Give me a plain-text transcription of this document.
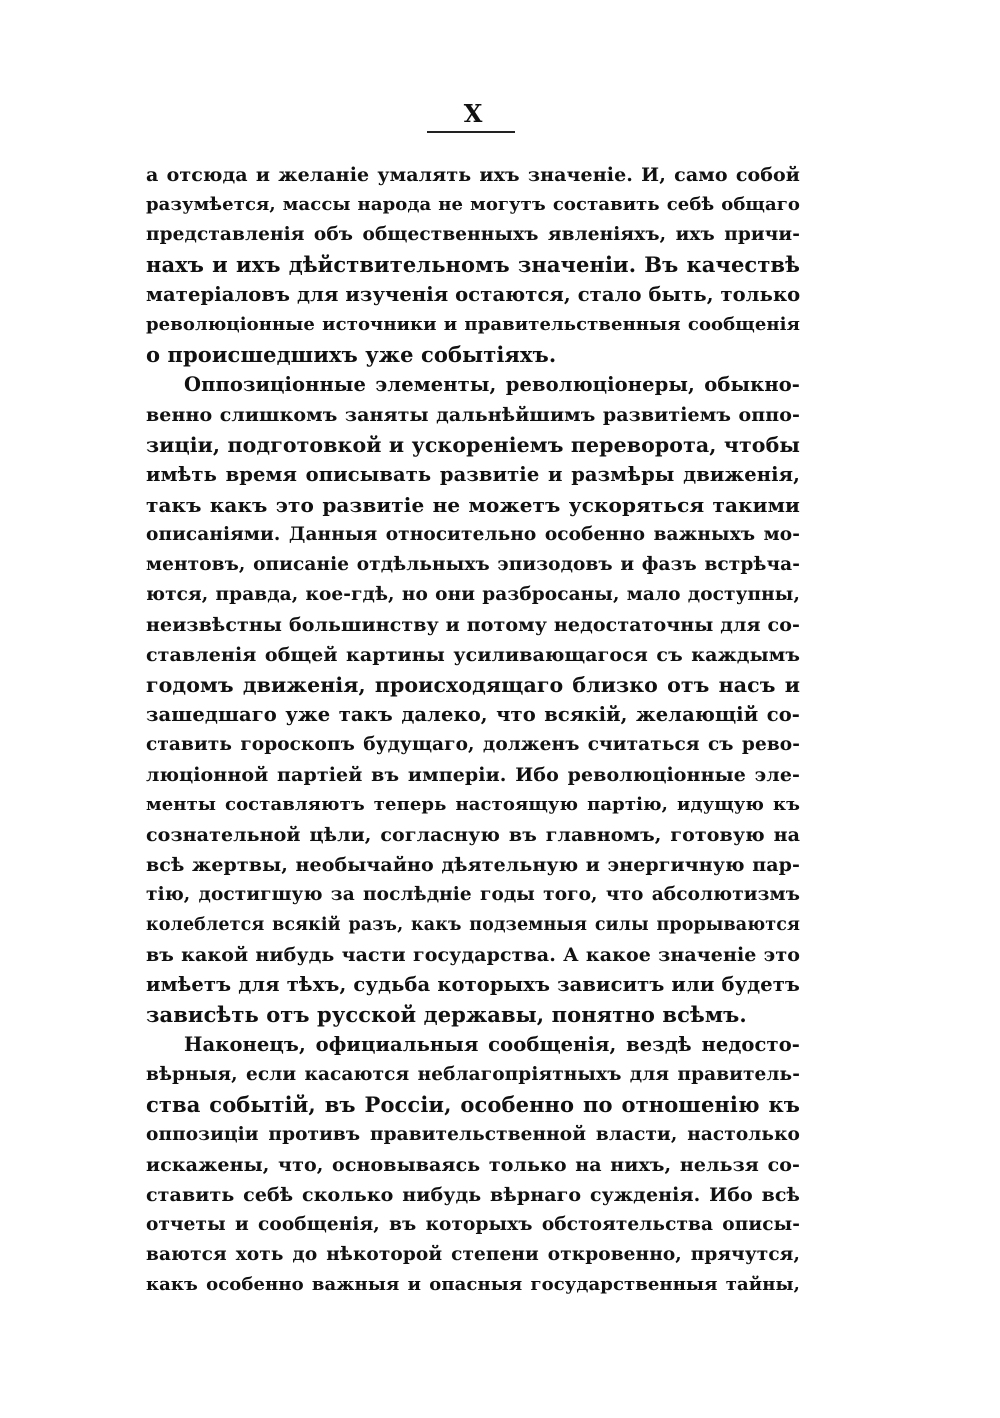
X
а отсюда и желаніе умалять ихъ значеніе. И, само собой
разумѣется, массы народа не могутъ составить себѣ общаго
представленія объ общественныхъ явленіяхъ, ихъ причи-
нахъ и ихъ дѣйствительномъ значеніи. Въ качествѣ
матеріаловъ для изученія остаются, стало быть, только
революціонные источники и правительственныя сообщенія
о происшедшихъ уже событіяхъ.
Оппозиціонные элементы, революціонеры, обыкно-
венно слишкомъ заняты дальнѣйшимъ развитіемъ оппо-
зиціи, подготовкой и ускореніемъ переворота, чтобы
имѣть время описывать развитіе и размѣры движенія,
такъ какъ это развитіе не можетъ ускоряться такими
описаніями. Данныя относительно особенно важныхъ мо-
ментовъ, описаніе отдѣльныхъ эпизодовъ и фазъ встрѣча-
ются, правда, кое-гдѣ, но они разбросаны, мало доступны,
неизвѣстны большинству и потому недостаточны для со-
ставленія общей картины усиливающагося съ каждымъ
годомъ движенія, происходящаго близко отъ насъ и
зашедшаго уже такъ далеко, что всякій, желающій со-
ставить гороскопъ будущаго, долженъ считаться съ рево-
люціонной партіей въ имперіи. Ибо революціонные эле-
менты составляютъ теперь настоящую партію, идущую къ
сознательной цѣли, согласную въ главномъ, готовую на
всѣ жертвы, необычайно дѣятельную и энергичную пар-
тію, достигшую за послѣдніе годы того, что абсолютизмъ
колеблется всякій разъ, какъ подземныя силы прорываются
въ какой нибудь части государства. А какое значеніе это
имѣетъ для тѣхъ, судьба которыхъ зависитъ или будетъ
зависѣть отъ русской державы, понятно всѣмъ.
Наконецъ, официальныя сообщенія, вездѣ недосто-
вѣрныя, если касаются неблагопріятныхъ для правитель-
ства событій, въ Россіи, особенно по отношенію къ
оппозиціи противъ правительственной власти, настолько
искажены, что, основываясь только на нихъ, нельзя со-
ставить себѣ сколько нибудь вѣрнаго сужденія. Ибо всѣ
отчеты и сообщенія, въ которыхъ обстоятельства описы-
ваются хоть до нѣкоторой степени откровенно, прячутся,
какъ особенно важныя и опасныя государственныя тайны,
